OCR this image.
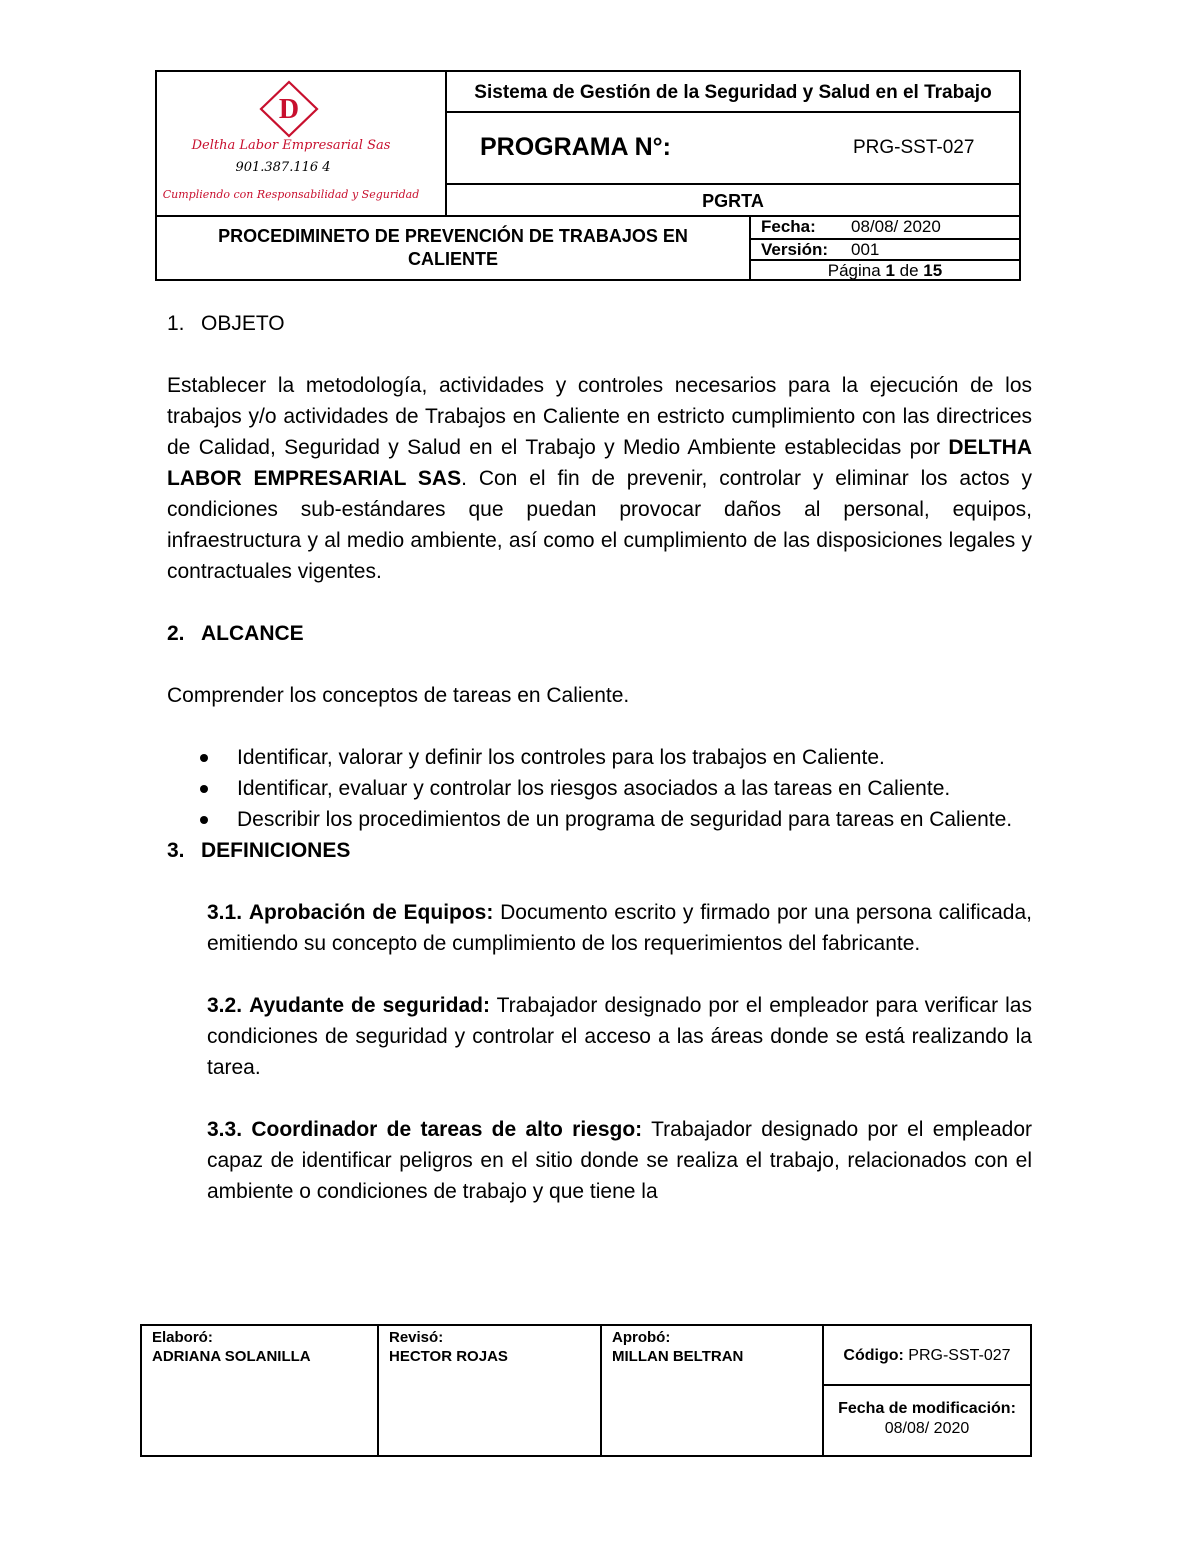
D
Deltha Labor Empresarial Sas
901.387.116 4
Cumpliendo con Responsabilidad y Seguridad
Sistema de Gestión de la Seguridad y Salud en el Trabajo
PROGRAMA N°:	PRG-SST-027
PGRTA
PROCEDIMINETO DE PREVENCIÓN DE TRABAJOS EN CALIENTE
Fecha: 08/08/ 2020
Versión: 001
Página 1 de 15
1. OBJETO

Establecer la metodología, actividades y controles necesarios para la ejecución de los trabajos y/o actividades de Trabajos en Caliente en estricto cumplimiento con las directrices de Calidad, Seguridad y Salud en el Trabajo y Medio Ambiente establecidas por DELTHA LABOR EMPRESARIAL SAS. Con el fin de prevenir, controlar y eliminar los actos y condiciones sub-estándares que puedan provocar daños al personal, equipos, infraestructura y al medio ambiente, así como el cumplimiento de las disposiciones legales y contractuales vigentes.

2. ALCANCE

Comprender los conceptos de tareas en Caliente.

Identificar, valorar y definir los controles para los trabajos en Caliente.
Identificar, evaluar y controlar los riesgos asociados a las tareas en Caliente.
Describir los procedimientos de un programa de seguridad para tareas en Caliente.
3. DEFINICIONES

3.1. Aprobación de Equipos: Documento escrito y firmado por una persona calificada, emitiendo su concepto de cumplimiento de los requerimientos del fabricante.

3.2. Ayudante de seguridad: Trabajador designado por el empleador para verificar las condiciones de seguridad y controlar el acceso a las áreas donde se está realizando la tarea.

3.3. Coordinador de tareas de alto riesgo: Trabajador designado por el empleador capaz de identificar peligros en el sitio donde se realiza el trabajo, relacionados con el ambiente o condiciones de trabajo y que tiene la

Elaboró:
ADRIANA SOLANILLA
Revisó:
HECTOR ROJAS
Aprobó:
MILLAN BELTRAN	Código: PRG-SST-027
Fecha de modificación:
08/08/ 2020
